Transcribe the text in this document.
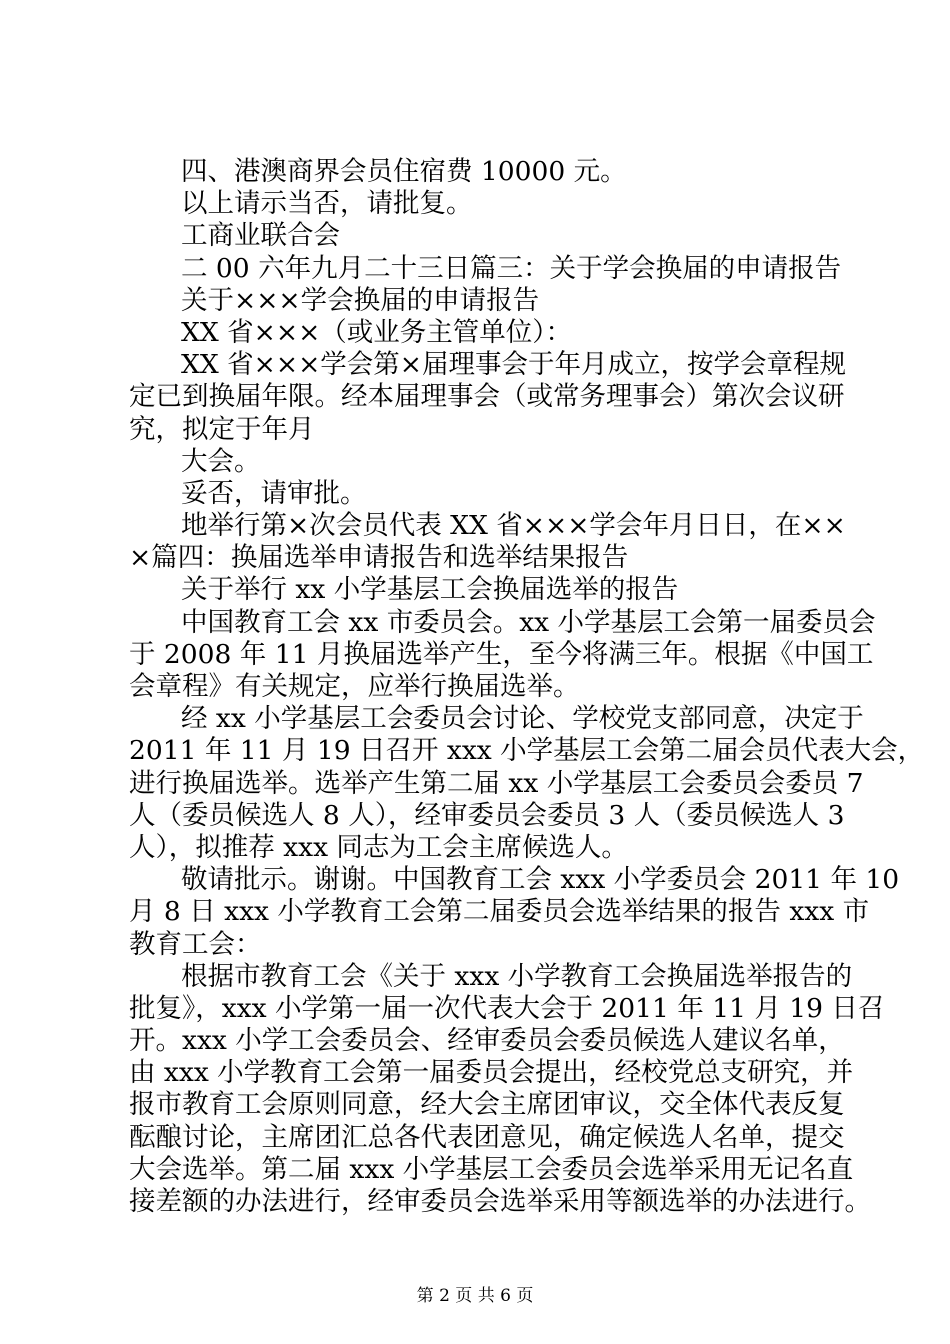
四、港澳商界会员住宿费 10000 元。
以上请示当否，请批复。
工商业联合会
二 00 六年九月二十三日篇三：关于学会换届的申请报告
关于×××学会换届的申请报告
XX 省×××（或业务主管单位）：
XX 省×××学会第×届理事会于年月成立，按学会章程规
定已到换届年限。经本届理事会（或常务理事会）第次会议研
究，拟定于年月
大会。
妥否，请审批。
地举行第×次会员代表 XX 省×××学会年月日日，在××
×篇四：换届选举申请报告和选举结果报告
关于举行 xx 小学基层工会换届选举的报告
中国教育工会 xx 市委员会。xx 小学基层工会第一届委员会
于 2008 年 11 月换届选举产生，至今将满三年。根据《中国工
会章程》有关规定，应举行换届选举。
经 xx 小学基层工会委员会讨论、学校党支部同意，决定于
2011 年 11 月 19 日召开 xxx 小学基层工会第二届会员代表大会，
进行换届选举。选举产生第二届 xx 小学基层工会委员会委员 7
人（委员候选人 8 人），经审委员会委员 3 人（委员候选人 3
人），拟推荐 xxx 同志为工会主席候选人。
敬请批示。谢谢。中国教育工会 xxx 小学委员会 2011 年 10
月 8 日 xxx 小学教育工会第二届委员会选举结果的报告 xxx 市
教育工会：
根据市教育工会《关于 xxx 小学教育工会换届选举报告的
批复》，xxx 小学第一届一次代表大会于 2011 年 11 月 19 日召
开。xxx 小学工会委员会、经审委员会委员候选人建议名单，
由 xxx 小学教育工会第一届委员会提出，经校党总支研究，并
报市教育工会原则同意，经大会主席团审议，交全体代表反复
酝酿讨论，主席团汇总各代表团意见，确定候选人名单，提交
大会选举。第二届 xxx 小学基层工会委员会选举采用无记名直
接差额的办法进行，经审委员会选举采用等额选举的办法进行。
第 2 页 共 6 页
